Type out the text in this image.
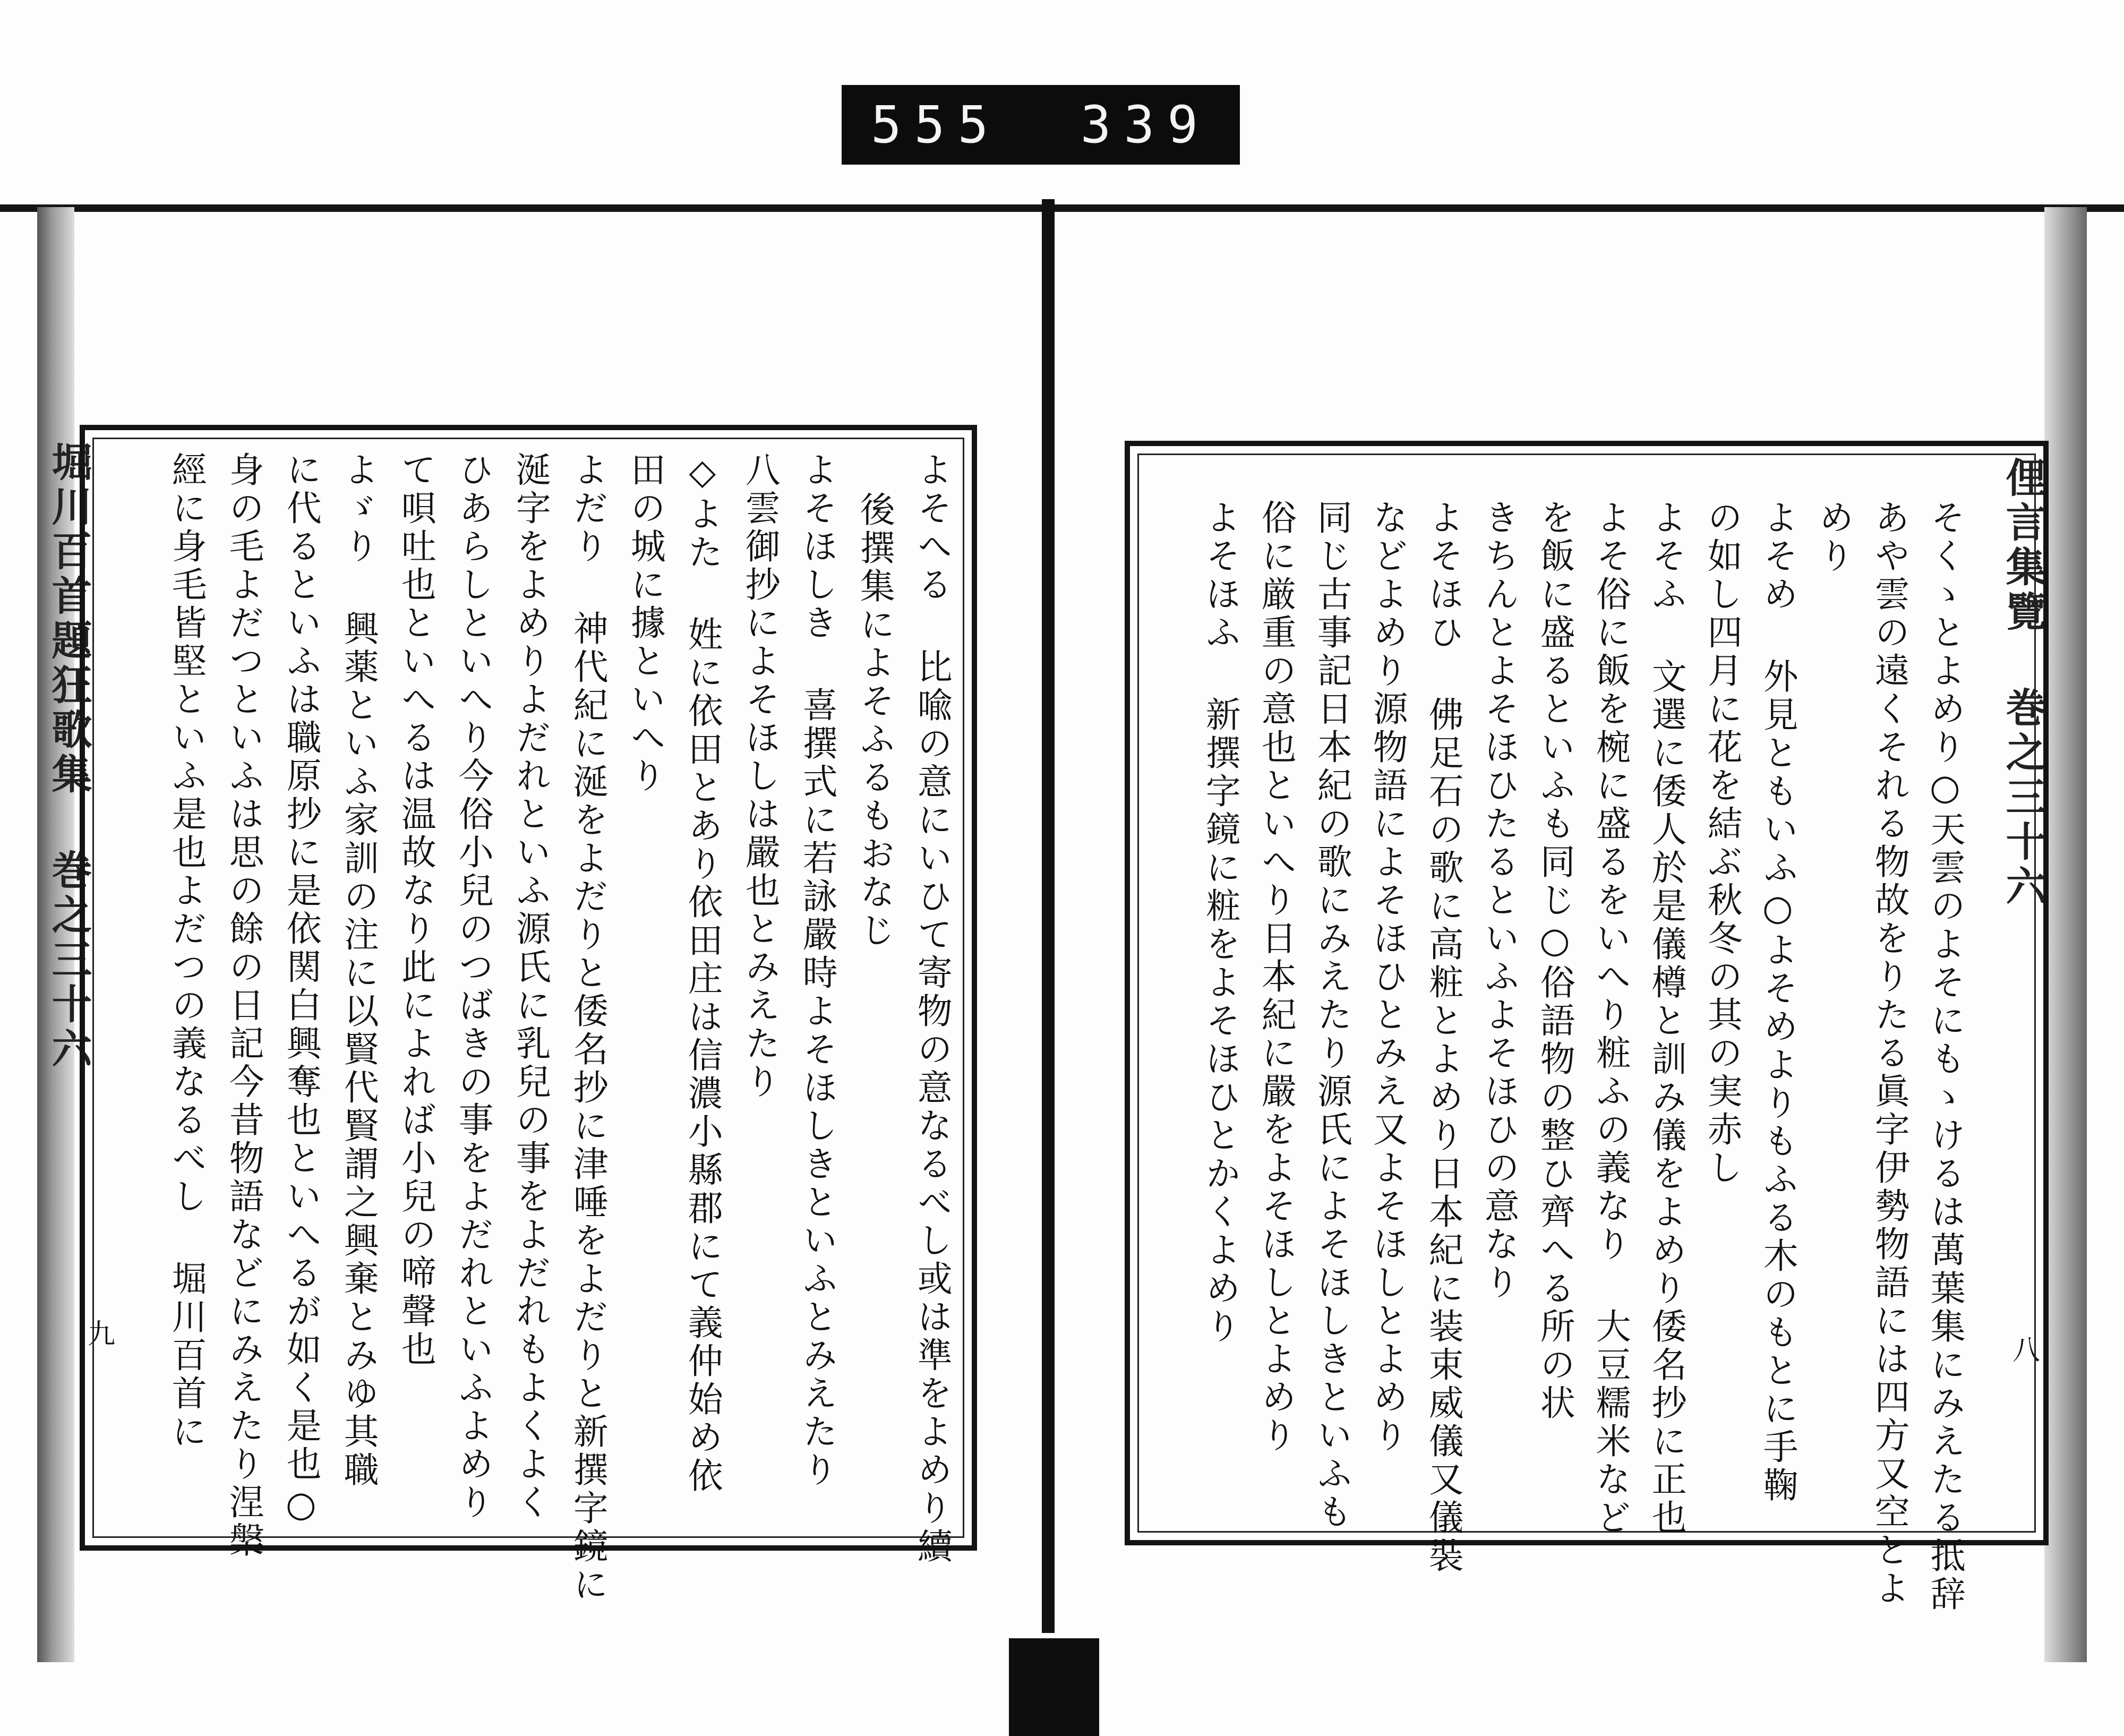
555 339
堀川百首題狂歌集 巻之三十六
九	よそへる 比喩の意にいひて寄物の意なるべし或は準をよめり續
後撰集によそふるもおなじ
よそほしき 喜撰式に若詠嚴時よそほしきといふとみえたり
八雲御抄によそほしは嚴也とみえたり
◇よた 姓に依田とあり依田庄は信濃小縣郡にて義仲始め依
田の城に據といへり
よだり 神代紀に涎をよだりと倭名抄に津唾をよだりと新撰字鏡に
涎字をよめりよだれといふ源氏に乳兒の事をよだれもよくよく
ひあらしといへり今俗小兒のつばきの事をよだれといふよめり
て唄吐也といへるは温故なり此によれば小兒の啼聲也
よゞり 興薬といふ家訓の注に以賢代賢謂之興棄とみゆ其職
に代るといふは職原抄に是依関白興奪也といへるが如く是也○
身の毛よだつといふは思の餘の日記今昔物語などにみえたり涅槃
經に身毛皆堅といふ是也よだつの義なるべし 堀川百首に	俚言集覽 巻之三十六
八
そくゝとよめり○天雲のよそにもゝけるは萬葉集にみえたる抵辞
あや雲の遠くそれる物故をりたる眞字伊勢物語には四方又空とよ
めり
よそめ 外見ともいふ○よそめよりもふる木のもとに手鞠
の如し四月に花を結ぶ秋冬の其の実赤し
よそふ 文選に倭人於是儀樽と訓み儀をよめり倭名抄に正也
よそ俗に飯を椀に盛るをいへり粧ふの義なり 大豆糯米など
を飯に盛るといふも同じ○俗語物の整ひ齊へる所の状
きちんとよそほひたるといふよそほひの意なり
よそほひ 佛足石の歌に高粧とよめり日本紀に装束威儀又儀裝
などよめり源物語によそほひとみえ又よそほしとよめり
同じ古事記日本紀の歌にみえたり源氏によそほしきといふも
俗に厳重の意也といへり日本紀に嚴をよそほしとよめり
よそほふ 新撰字鏡に粧をよそほひとかくよめり
